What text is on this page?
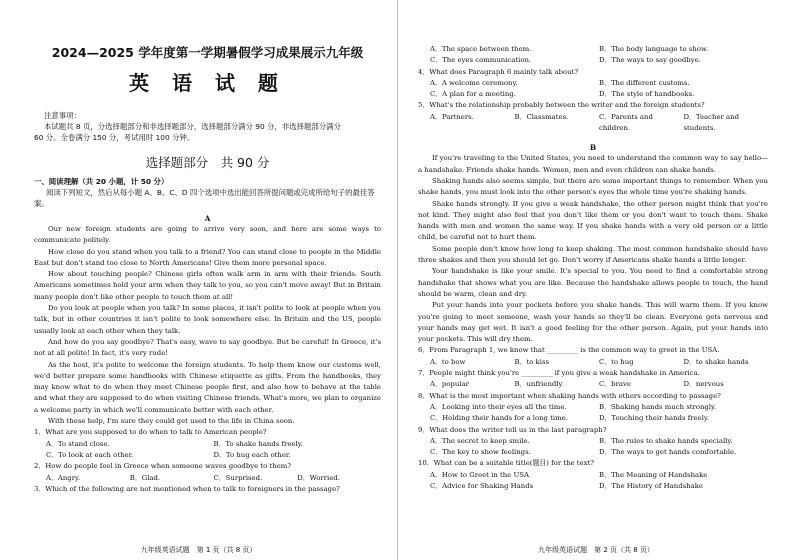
2024—2025 学年度第一学期暑假学习成果展示九年级
英 语 试 题
注意事项：
本试题共 8 页，分选择题部分和非选择题部分，选择题部分满分 90 分，非选择题部分满分
60 分。全卷满分 150 分，考试用时 100 分钟。
选择题部分　共 90 分
一、阅读理解（共 20 小题，计 50 分）
阅读下列短文，然后从每小题 A、B、C、D 四个选项中选出能回答所提问题或完成所给句子的最佳答案。
A

Our new foreign students are going to arrive very soon, and here are some ways to communicate politely.

How close do you stand when you talk to a friend? You can stand close to people in the Middle East but don't stand too close to North Americans! Give them more personal space.

How about touching people? Chinese girls often walk arm in arm with their friends. South Americans sometimes hold your arm when they talk to you, so you can't move away! But in Britain many people don't like other people to touch them at all!

Do you look at people when you talk? In some places, it isn't polite to look at people when you talk, but in other countries it isn't polite to look somewhere else. In Britain and the US, people usually look at each other when they talk.

And how do you say goodbye? That's easy, wave to say goodbye. But be careful! In Greece, it's not at all polite! In fact, it's very rude!

As the host, it's polite to welcome the foreign students. To help them know our customs well, we'd better prepare some handbooks with Chinese etiquette as gifts. From the handbooks, they may know what to do when they meet Chinese people first, and also how to behave at the table and what they are supposed to do when visiting Chinese friends. What's more, we plan to organize a welcome party in which we'll communicate better with each other.

With these help, I'm sure they could get used to the life in China soon.

1．What are you supposed to do when to talk to American people?
A．To stand close.	B．To shake hands freely.
C．To look at each other.	D．To hug each other.
2．How do people feel in Greece when someone waves goodbye to them?
A．Angry.	B．Glad.	C．Surprised.	D．Worried.
3．Which of the following are not mentioned when to talk to foreigners in the passage?
九年级英语试题　第 1 页（共 8 页）
A．The space between them.	B．The body language to show.
C．The eyes communication.	D．The ways to say goodbye.
4．What does Paragraph 6 mainly talk about?
A．A welcome ceremony.	B．The different customs.
C．A plan for a meeting.	D．The style of handbooks.
5．What's the relationship probably between the writer and the foreign students?
A．Partners.	B．Classmates.	C．Parents and children.
D．Teacher and students.
B

If you're traveling to the United States, you need to understand the common way to say hello—a handshake. Friends shake hands. Women, men and even children can shake hands.

Shaking hands also seems simple, but there are some important things to remember. When you shake hands, you must look into the other person's eyes the whole time you're shaking hands.

Shake hands strongly. If you give a weak handshake, the other person might think that you're not kind. They might also feel that you don't like them or you don't want to touch them. Shake hands with men and women the same way. If you shake hands with a very old person or a little child, be careful not to hurt them.

Some people don't know how long to keep shaking. The most common handshake should have three shakes and then you should let go. Don't worry if Americans shake hands a little longer.

Your handshake is like your smile. It's special to you. You need to find a comfortable strong handshake that shows what you are like. Because the handshake allows people to touch, the hand should be warm, clean and dry.

Put your hands into your pockets before you shake hands. This will warm them. If you know you're going to meet someone, wash your hands so they'll be clean. Everyone gets nervous and your hands may get wet. It isn't a good feeling for the other person. Again, put your hands into your pockets. This will dry them.

6．From Paragraph 1, we know that _________ is the common way to greet in the USA.
A．to bow	B．to kiss	C．to hug	D．to shake hands
7．People might think you're _________ if you give a weak handshake in America.
A．popular	B．unfriendly	C．brave	D．nervous
8．What is the most important when shaking hands with others according to passage?
A．Looking into their eyes all the time.	B．Shaking hands much strongly.
C．Holding their hands for a long time.	D．Touching their hands freely.
9．What does the writer tell us in the last paragraph?
A．The secret to keep smile.	B．The rules to shake hands specially.
C．The key to show feelings.	D．The ways to get hands comfortable.
10．What can be a suitable title(题目) for the text?
A．How to Greet in the USA	B．The Meaning of Handshake
C．Advice for Shaking Hands	D．The History of Handshake
九年级英语试题　第 2 页（共 8 页）
